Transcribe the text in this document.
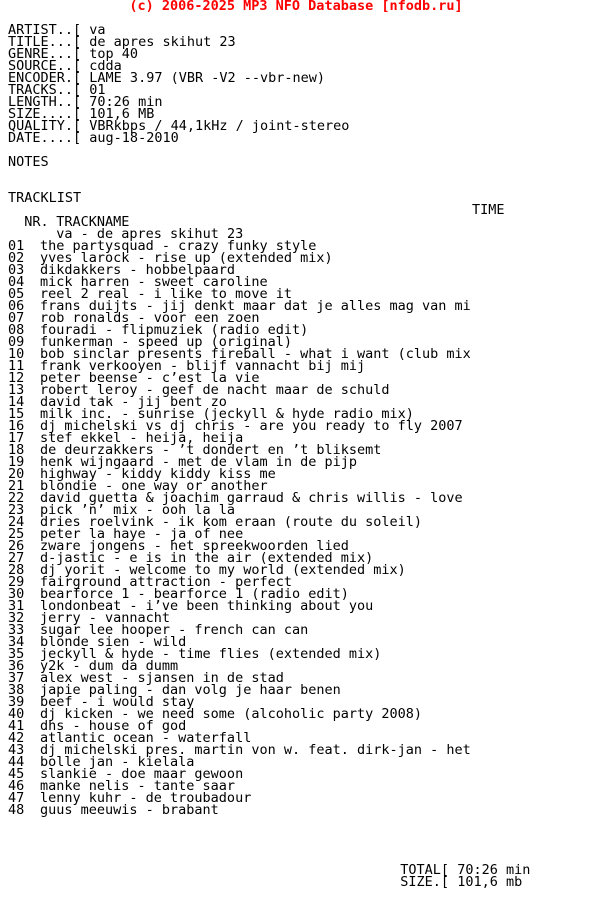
(c) 2006-2025 MP3 NFO Database [nfodb.ru]
ARTIST..[ va
TITLE...[ de apres skihut 23
GENRE...[ top 40
SOURCE..[ cdda
ENCODER.[ LAME 3.97 (VBR -V2 --vbr-new)
TRACKS..[ 01
LENGTH..[ 70:26 min
SIZE....[ 101,6 MB
QUALITY.[ VBRkbps / 44,1kHz / joint-stereo
DATE....[ aug-18-2010
NOTES
TRACKLIST

NR. TRACKNAME

TIME

va - de apres skihut 23

01 the partysquad - crazy funky style
02 yves larock - rise up (extended mix)
03 dikdakkers - hobbelpaard
04 mick harren - sweet caroline
05 reel 2 real - i like to move it
06 frans duijts - jij denkt maar dat je alles mag van mi
07 rob ronalds - voor een zoen
08 fouradi - flipmuziek (radio edit)
09 funkerman - speed up (original)
10 bob sinclar presents fireball - what i want (club mix
11 frank verkooyen - blijf vannacht bij mij
12 peter beense - c’est la vie
13 robert leroy - geef de nacht maar de schuld
14 david tak - jij bent zo
15 milk inc. - sunrise (jeckyll & hyde radio mix)
16 dj michelski vs dj chris - are you ready to fly 2007
17 stef ekkel - heija, heija
18 de deurzakkers - ’t dondert en ’t bliksemt
19 henk wijngaard - met de vlam in de pijp
20 highway - kiddy kiddy kiss me
21 blondie - one way or another
22 david guetta & joachim garraud & chris willis - love
23 pick ’n’ mix - ooh la la
24 dries roelvink - ik kom eraan (route du soleil)
25 peter la haye - ja of nee
26 zware jongens - het spreekwoorden lied
27 d-jastic - e is in the air (extended mix)
28 dj yorit - welcome to my world (extended mix)
29 fairground attraction - perfect
30 bearforce 1 - bearforce 1 (radio edit)
31 londonbeat - i’ve been thinking about you
32 jerry - vannacht
33 sugar lee hooper - french can can
34 blonde sien - wild
35 jeckyll & hyde - time flies (extended mix)
36 y2k - dum da dumm
37 alex west - sjansen in de stad
38 japie paling - dan volg je haar benen
39 beef - i would stay
40 dj kicken - we need some (alcoholic party 2008)
41 dhs - house of god
42 atlantic ocean - waterfall
43 dj michelski pres. martin von w. feat. dirk-jan - het
44 bolle jan - kielala
45 slankie - doe maar gewoon
46 manke nelis - tante saar
47 lenny kuhr - de troubadour
48 guus meeuwis - brabant

TOTAL[ 70:26 min

SIZE.[ 101,6 mb
